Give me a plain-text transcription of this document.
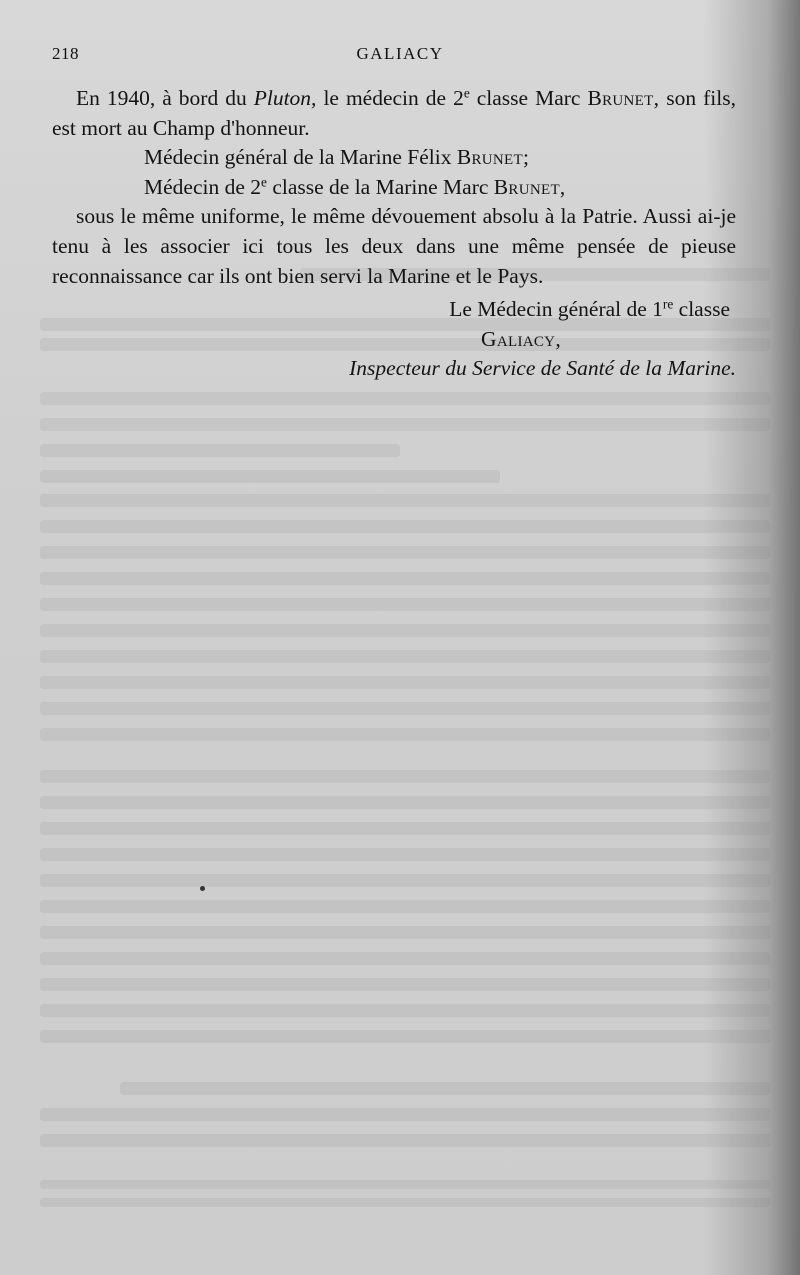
218	GALIACY

En 1940, à bord du Pluton, le médecin de 2e classe Marc Brunet, son fils, est mort au Champ d'honneur.

Médecin général de la Marine Félix Brunet;
Médecin de 2e classe de la Marine Marc Brunet,

sous le même uniforme, le même dévouement absolu à la Patrie. Aussi ai-je tenu à les associer ici tous les deux dans une même pensée de pieuse reconnaissance car ils ont bien servi la Marine et le Pays.

Le Médecin général de 1re classe
Galiacy,
Inspecteur du Service de Santé de la Marine.
